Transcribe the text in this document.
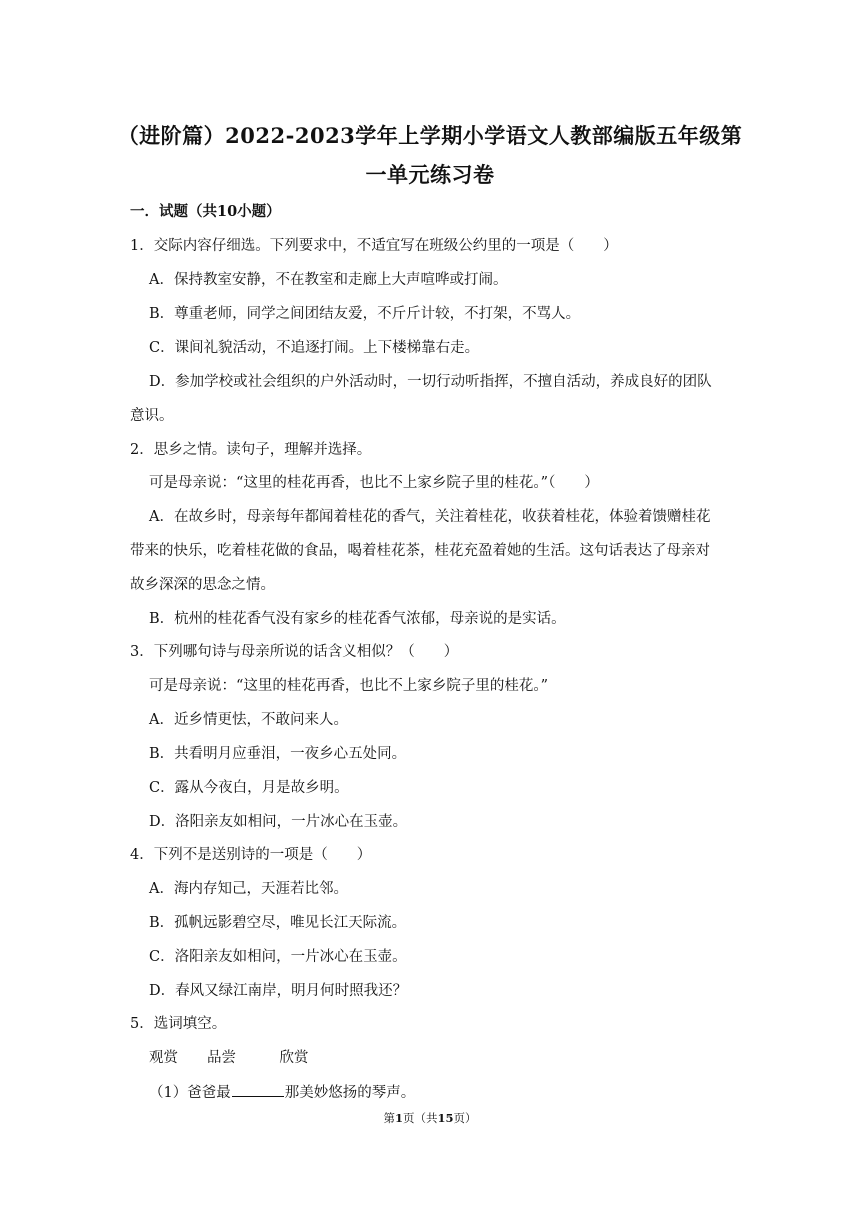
（进阶篇）2022-2023学年上学期小学语文人教部编版五年级第
一单元练习卷
一．试题（共10小题）
1．交际内容仔细选。下列要求中，不适宜写在班级公约里的一项是（　　）
A．保持教室安静，不在教室和走廊上大声喧哗或打闹。
B．尊重老师，同学之间团结友爱，不斤斤计较，不打架，不骂人。
C．课间礼貌活动，不追逐打闹。上下楼梯靠右走。
D．参加学校或社会组织的户外活动时，一切行动听指挥，不擅自活动，养成良好的团队
意识。
2．思乡之情。读句子，理解并选择。
可是母亲说：“这里的桂花再香，也比不上家乡院子里的桂花。”（　　）
A．在故乡时，母亲每年都闻着桂花的香气，关注着桂花，收获着桂花，体验着馈赠桂花
带来的快乐，吃着桂花做的食品，喝着桂花茶，桂花充盈着她的生活。这句话表达了母亲对
故乡深深的思念之情。
B．杭州的桂花香气没有家乡的桂花香气浓郁，母亲说的是实话。
3．下列哪句诗与母亲所说的话含义相似？（　　）
可是母亲说：“这里的桂花再香，也比不上家乡院子里的桂花。”
A．近乡情更怯，不敢问来人。
B．共看明月应垂泪，一夜乡心五处同。
C．露从今夜白，月是故乡明。
D．洛阳亲友如相问，一片冰心在玉壶。
4．下列不是送别诗的一项是（　　）
A．海内存知己，天涯若比邻。
B．孤帆远影碧空尽，唯见长江天际流。
C．洛阳亲友如相问，一片冰心在玉壶。
D．春风又绿江南岸，明月何时照我还？
5．选词填空。
观赏　　品尝　　　欣赏
（1）爸爸最	那美妙悠扬的琴声。
第1页（共15页）
